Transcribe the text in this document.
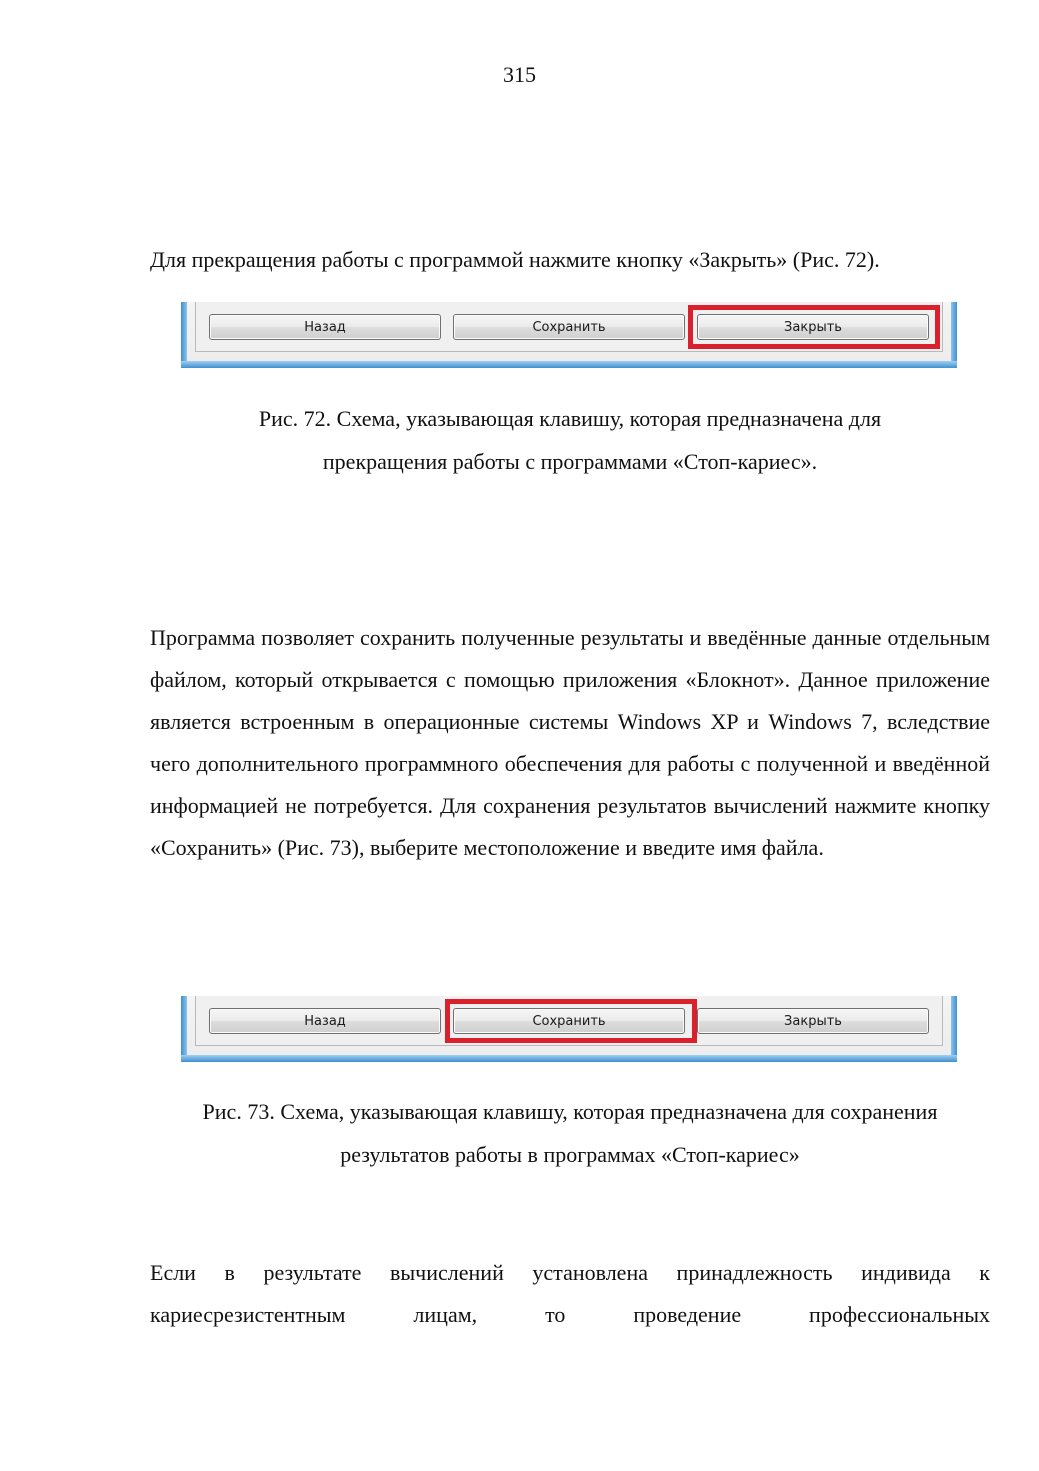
315

Для прекращения работы с программой нажмите кнопку «Закрыть» (Рис. 72).

Назад	Сохранить	Закрыть

Рис. 72. Схема, указывающая клавишу, которая предназначена для
прекращения работы с программами «Стоп-кариес».

Программа позволяет сохранить полученные результаты и введённые данные отдельным файлом, который открывается с помощью приложения «Блокнот». Данное приложение является встроенным в операционные системы Windows XP и Windows 7, вследствие чего дополнительного программного обеспечения для работы с полученной и введённой информацией не потребуется. Для сохранения результатов вычислений нажмите кнопку «Сохранить» (Рис. 73), выберите местоположение и введите имя файла.

Назад	Сохранить	Закрыть

Рис. 73. Схема, указывающая клавишу, которая предназначена для сохранения
результатов работы в программах «Стоп-кариес»

Если в результате вычислений установлена принадлежность индивида к

кариесрезистентным лицам, то проведение профессиональных
